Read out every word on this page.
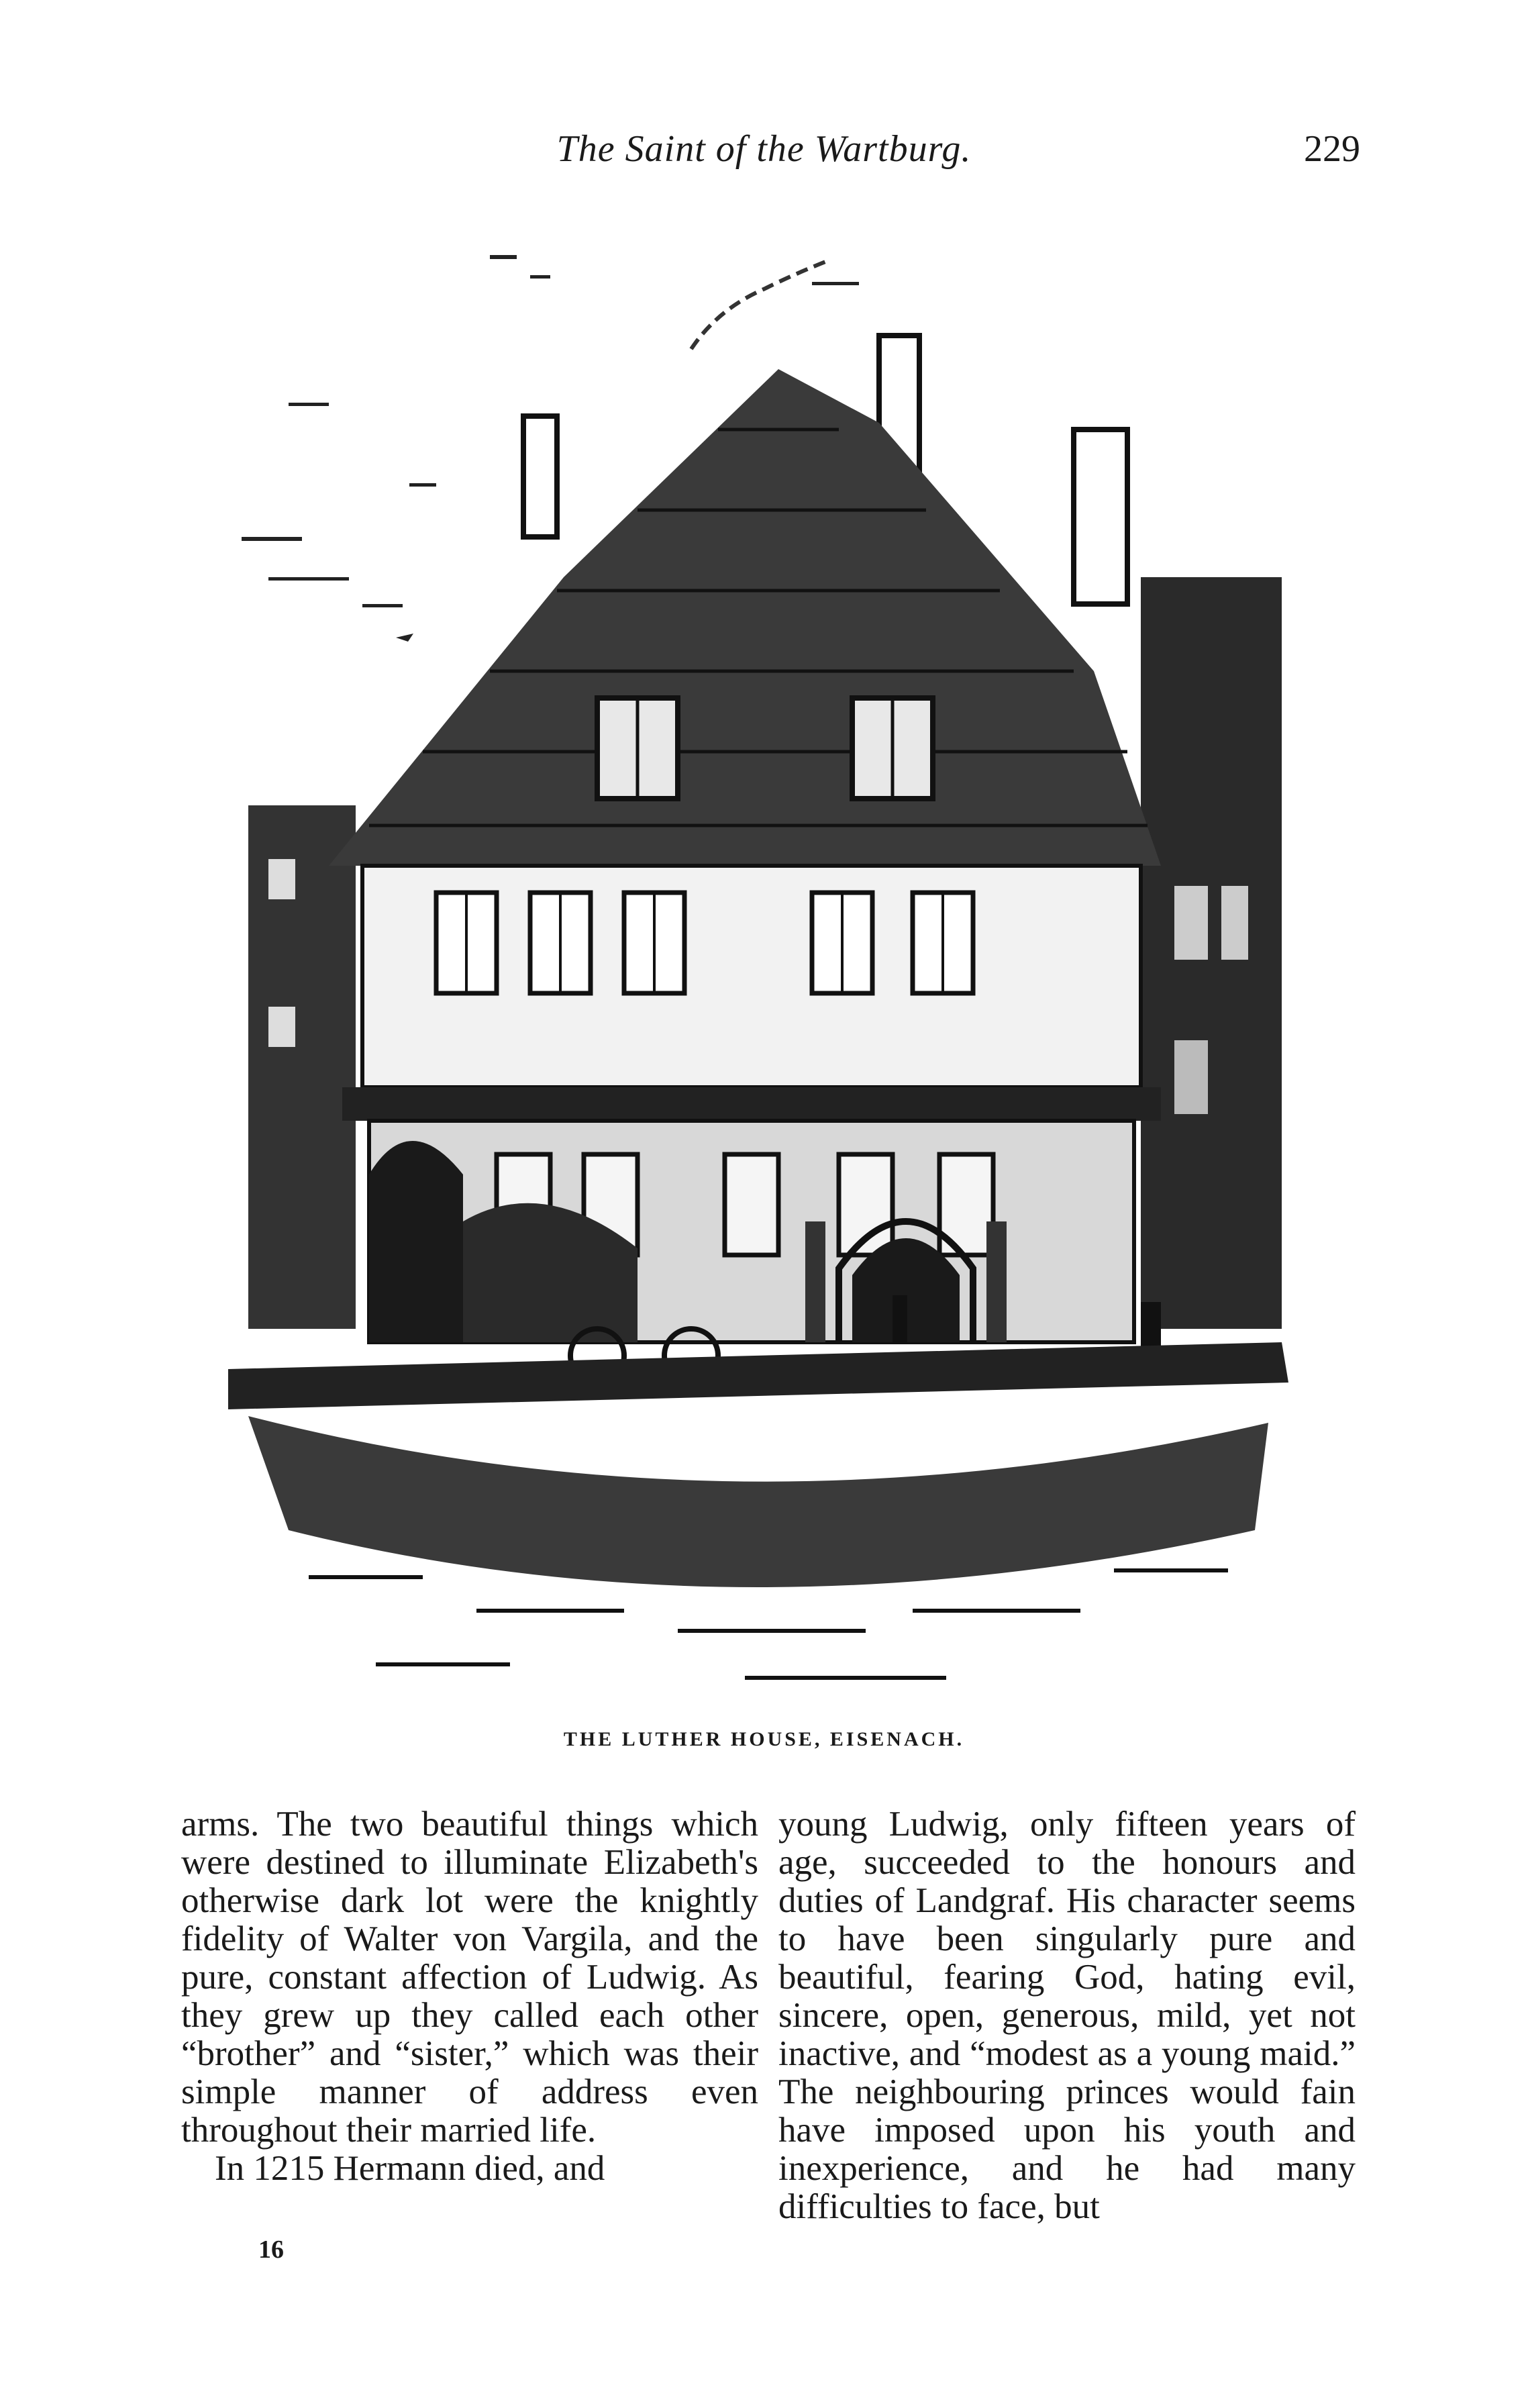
The Saint of the Wartburg.	229
THE LUTHER HOUSE, EISENACH.

arms. The two beautiful things which were destined to illuminate Elizabeth's otherwise dark lot were the knightly fidelity of Walter von Vargila, and the pure, constant affection of Ludwig. As they grew up they called each other “brother” and “sister,” which was their simple manner of address even throughout their married life.

In 1215 Hermann died, and

young Ludwig, only fifteen years of age, succeeded to the honours and duties of Landgraf. His character seems to have been singularly pure and beautiful, fearing God, hating evil, sincere, open, generous, mild, yet not inactive, and “modest as a young maid.” The neighbouring princes would fain have imposed upon his youth and inexperience, and he had many difficulties to face, but

16
